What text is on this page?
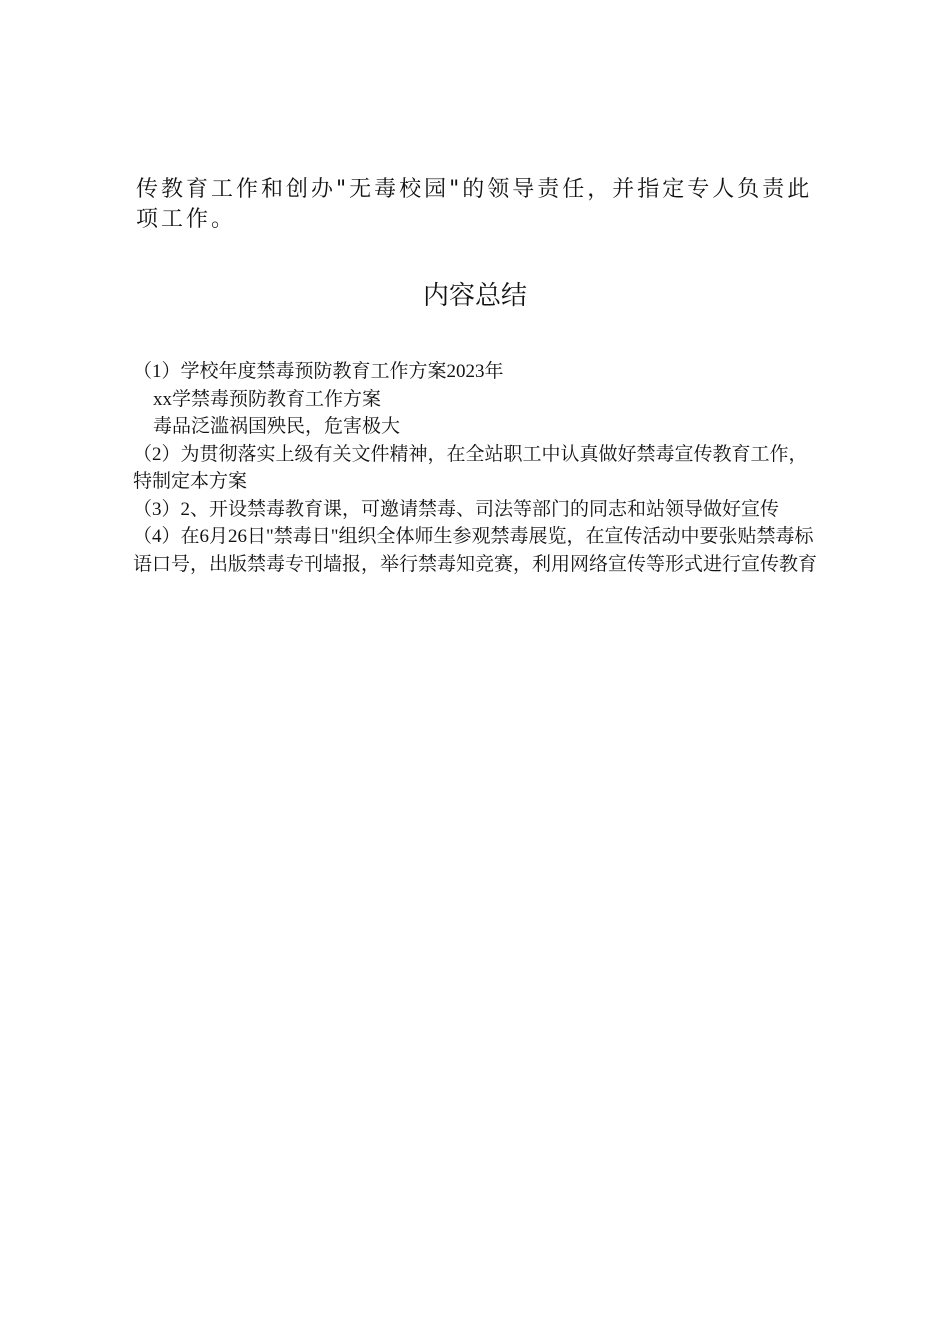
传教育工作和创办"无毒校园"的领导责任，并指定专人负责此项工作。

内容总结

（1）学校年度禁毒预防教育工作方案2023年

xx学禁毒预防教育工作方案

毒品泛滥祸国殃民，危害极大

（2）为贯彻落实上级有关文件精神，在全站职工中认真做好禁毒宣传教育工作，特制定本方案

（3）2、开设禁毒教育课，可邀请禁毒、司法等部门的同志和站领导做好宣传

（4）在6月26日"禁毒日"组织全体师生参观禁毒展览，在宣传活动中要张贴禁毒标语口号，出版禁毒专刊墙报，举行禁毒知竞赛，利用网络宣传等形式进行宣传教育
